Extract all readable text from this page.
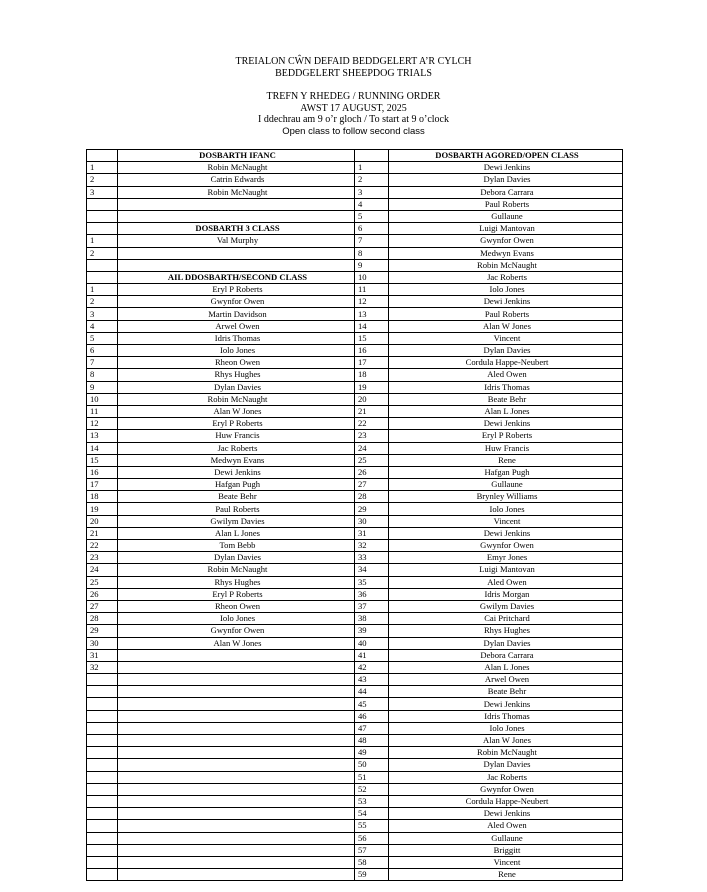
TREIALON CŴN DEFAID BEDDGELERT A’R CYLCH
BEDDGELERT SHEEPDOG TRIALS
TREFN Y RHEDEG / RUNNING ORDER
AWST 17 AUGUST, 2025
I ddechrau am 9 o’r gloch / To start at 9 o’clock
Open class to follow second class
	DOSBARTH IFANC		DOSBARTH AGORED/OPEN CLASS
1	Robin McNaught	1	Dewi Jenkins
2	Catrin Edwards	2	Dylan Davies
3	Robin McNaught	3	Debora Carrara
		4	Paul Roberts
		5	Gullaune
	DOSBARTH 3 CLASS	6	Luigi Mantovan
1	Val Murphy	7	Gwynfor Owen
2		8	Medwyn Evans
		9	Robin McNaught
	AIL DDOSBARTH/SECOND CLASS	10	Jac Roberts
1	Eryl P Roberts	11	Iolo Jones
2	Gwynfor Owen	12	Dewi Jenkins
3	Martin Davidson	13	Paul Roberts
4	Arwel Owen	14	Alan W Jones
5	Idris Thomas	15	Vincent
6	Iolo Jones	16	Dylan Davies
7	Rheon Owen	17	Cordula Happe-Neubert
8	Rhys Hughes	18	Aled Owen
9	Dylan Davies	19	Idris Thomas
10	Robin McNaught	20	Beate Behr
11	Alan W Jones	21	Alan L Jones
12	Eryl P Roberts	22	Dewi Jenkins
13	Huw Francis	23	Eryl P Roberts
14	Jac Roberts	24	Huw Francis
15	Medwyn Evans	25	Rene
16	Dewi Jenkins	26	Hafgan Pugh
17	Hafgan Pugh	27	Gullaune
18	Beate Behr	28	Brynley Williams
19	Paul Roberts	29	Iolo Jones
20	Gwilym Davies	30	Vincent
21	Alan L Jones	31	Dewi Jenkins
22	Tom Bebb	32	Gwynfor Owen
23	Dylan Davies	33	Emyr Jones
24	Robin McNaught	34	Luigi Mantovan
25	Rhys Hughes	35	Aled Owen
26	Eryl P Roberts	36	Idris Morgan
27	Rheon Owen	37	Gwilym Davies
28	Iolo Jones	38	Cai Pritchard
29	Gwynfor Owen	39	Rhys Hughes
30	Alan W Jones	40	Dylan Davies
31		41	Debora Carrara
32		42	Alan L Jones
		43	Arwel Owen
		44	Beate Behr
		45	Dewi Jenkins
		46	Idris Thomas
		47	Iolo Jones
		48	Alan W Jones
		49	Robin McNaught
		50	Dylan Davies
		51	Jac Roberts
		52	Gwynfor Owen
		53	Cordula Happe-Neubert
		54	Dewi Jenkins
		55	Aled Owen
		56	Gullaune
		57	Briggitt
		58	Vincent
		59	Rene
